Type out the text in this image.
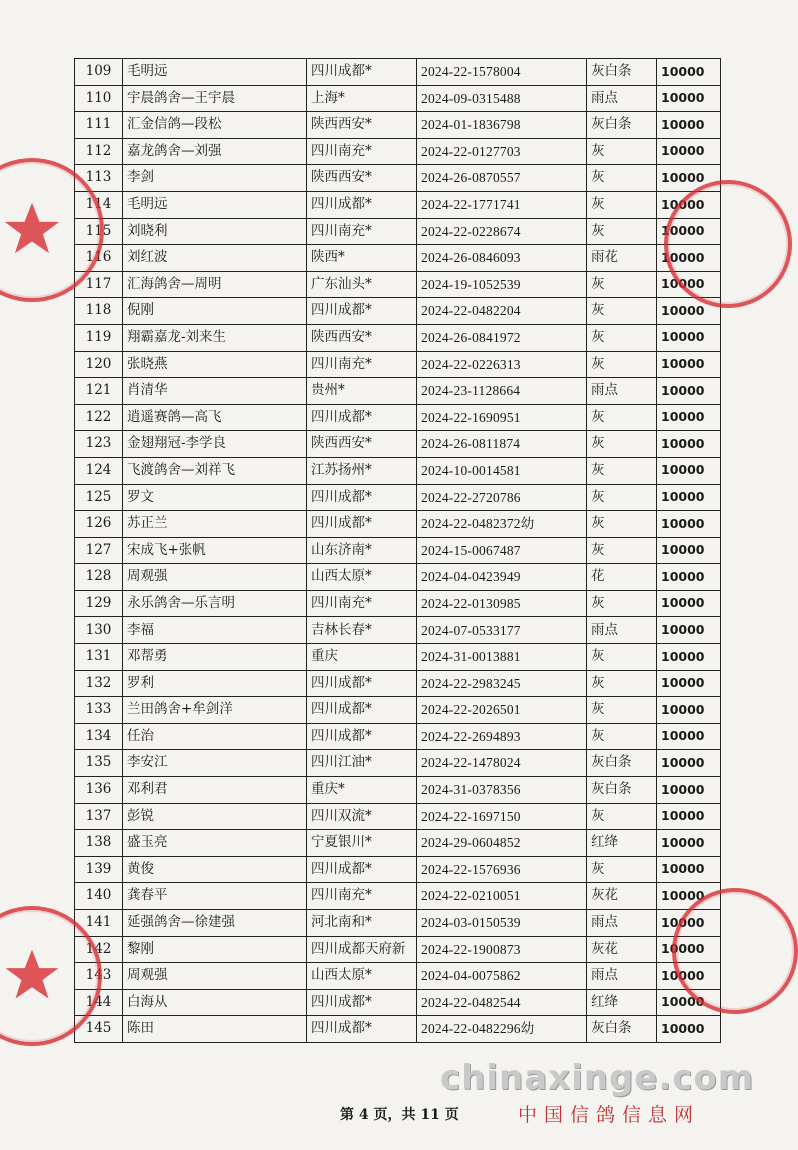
109	毛明远	四川成都*	2024-22-1578004	灰白条	10000
110	宇晨鸽舍—王宇晨	上海*	2024-09-0315488	雨点	10000
111	汇金信鸽—段松	陕西西安*	2024-01-1836798	灰白条	10000
112	嘉龙鸽舍—刘强	四川南充*	2024-22-0127703	灰	10000
113	李剑	陕西西安*	2024-26-0870557	灰	10000
114	毛明远	四川成都*	2024-22-1771741	灰	10000
115	刘晓利	四川南充*	2024-22-0228674	灰	10000
116	刘红波	陕西*	2024-26-0846093	雨花	10000
117	汇海鸽舍—周明	广东汕头*	2024-19-1052539	灰	10000
118	倪刚	四川成都*	2024-22-0482204	灰	10000
119	翔霸嘉龙-刘来生	陕西西安*	2024-26-0841972	灰	10000
120	张晓燕	四川南充*	2024-22-0226313	灰	10000
121	肖清华	贵州*	2024-23-1128664	雨点	10000
122	逍遥赛鸽—高飞	四川成都*	2024-22-1690951	灰	10000
123	金翅翔冠-李学良	陕西西安*	2024-26-0811874	灰	10000
124	飞渡鸽舍—刘祥飞	江苏扬州*	2024-10-0014581	灰	10000
125	罗文	四川成都*	2024-22-2720786	灰	10000
126	苏正兰	四川成都*	2024-22-0482372幼	灰	10000
127	宋成飞+张帆	山东济南*	2024-15-0067487	灰	10000
128	周观强	山西太原*	2024-04-0423949	花	10000
129	永乐鸽舍—乐言明	四川南充*	2024-22-0130985	灰	10000
130	李福	吉林长春*	2024-07-0533177	雨点	10000
131	邓帮勇	重庆	2024-31-0013881	灰	10000
132	罗利	四川成都*	2024-22-2983245	灰	10000
133	兰田鸽舍+牟剑洋	四川成都*	2024-22-2026501	灰	10000
134	任治	四川成都*	2024-22-2694893	灰	10000
135	李安江	四川江油*	2024-22-1478024	灰白条	10000
136	邓利君	重庆*	2024-31-0378356	灰白条	10000
137	彭锐	四川双流*	2024-22-1697150	灰	10000
138	盛玉亮	宁夏银川*	2024-29-0604852	红绛	10000
139	黄俊	四川成都*	2024-22-1576936	灰	10000
140	龚春平	四川南充*	2024-22-0210051	灰花	10000
141	延强鸽舍—徐建强	河北南和*	2024-03-0150539	雨点	10000
142	黎刚	四川成都天府新	2024-22-1900873	灰花	10000
143	周观强	山西太原*	2024-04-0075862	雨点	10000
144	白海从	四川成都*	2024-22-0482544	红绛	10000
145	陈田	四川成都*	2024-22-0482296幼	灰白条	10000
第 4 页，共 11 页
chinaxinge.com
中国信鸽信息网
